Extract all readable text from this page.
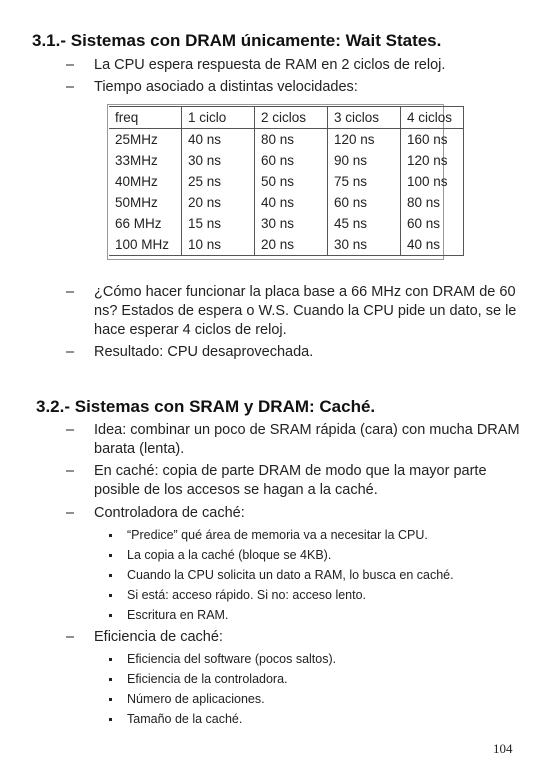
3.1.- Sistemas con DRAM únicamente: Wait States.
–	La CPU espera respuesta de RAM en 2 ciclos de reloj.
–	Tiempo asociado a distintas velocidades:
freq	1 ciclo	2 ciclos	3 ciclos	4 ciclos
25MHz	40 ns	80 ns	120 ns	160 ns
33MHz	30 ns	60 ns	90 ns	120 ns
40MHz	25 ns	50 ns	75 ns	100 ns
50MHz	20 ns	40 ns	60 ns	80 ns
66 MHz	15 ns	30 ns	45 ns	60 ns
100 MHz	10 ns	20 ns	30 ns	40 ns
–	¿Cómo hacer funcionar la placa base a 66 MHz con DRAM de 60 ns? Estados de espera o W.S. Cuando la CPU pide un dato, se le hace esperar 4 ciclos de reloj.
–	Resultado: CPU desaprovechada.
3.2.- Sistemas con SRAM y DRAM: Caché.
–	Idea: combinar un poco de SRAM rápida (cara) con mucha DRAM barata (lenta).
–	En caché: copia de parte DRAM de modo que la mayor parte posible de los accesos se hagan a la caché.
–	Controladora de caché:
“Predice” qué área de memoria va a necesitar la CPU.
La copia a la caché (bloque se 4KB).
Cuando la CPU solicita un dato a RAM, lo busca en caché.
Si está: acceso rápido. Si no: acceso lento.
Escritura en RAM.
–	Eficiencia de caché:
Eficiencia del software (pocos saltos).
Eficiencia de la controladora.
Número de aplicaciones.
Tamaño de la caché.
104
